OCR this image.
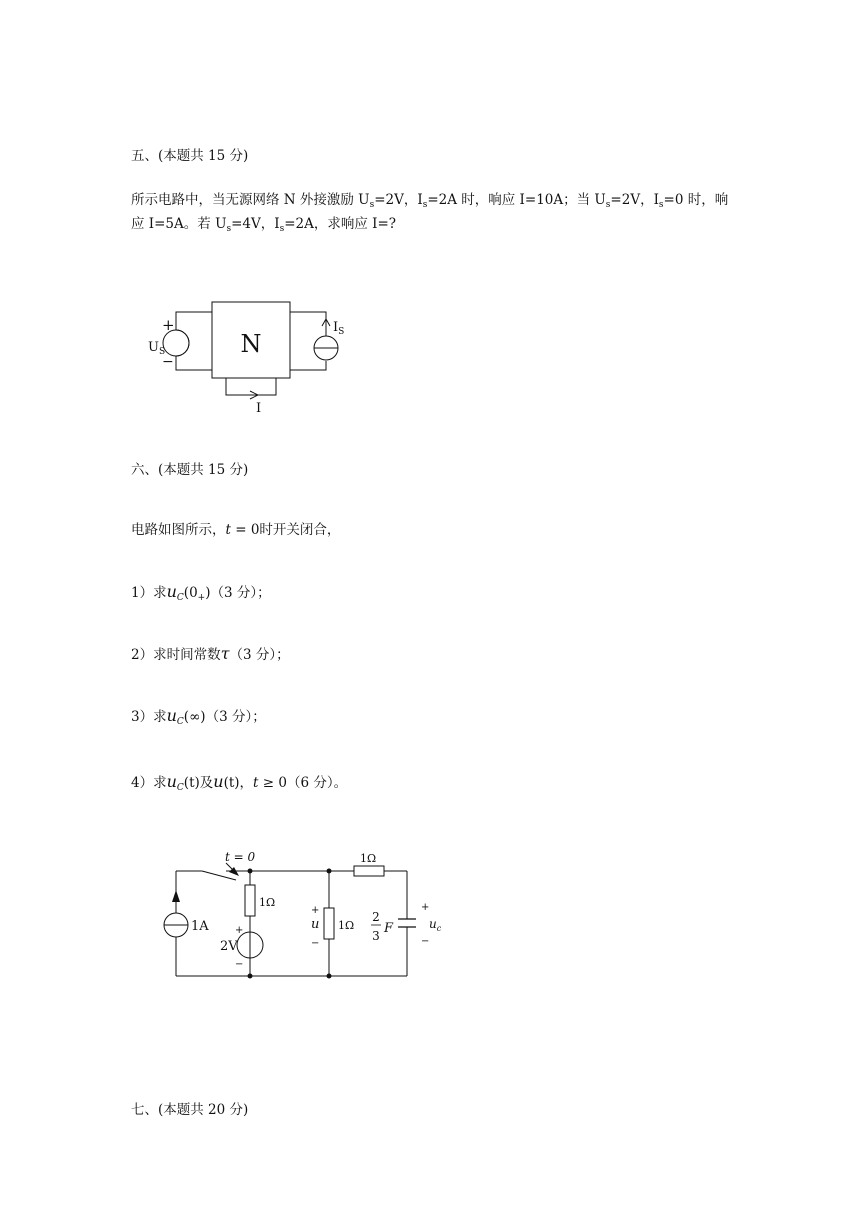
五、(本题共 15 分)
所示电路中，当无源网络 N 外接激励 $U_s=2V$，$I_s=2A$ 时，响应 I=10A；当 $U_s=2V$，$I_s=0$ 时，响
应 I=5A。若 $U_s=4V$，$I_s=2A$，求响应 I=?
N
+
−
$U_S$
$I_S$
I
六、(本题共 15 分)
电路如图所示，t = 0时开关闭合，
1）求$u_C(0_+)(3$ 分）；
2）求时间常数τ（3 分）；
3）求$u_C(\infty)(3$ 分）；
4）求$u_C(t)$及u(t)，t ≥ 0（6 分）。
1A
t = 0
1Ω
+
2V
−
1Ω
+
u
−
1Ω
2
3 F
+
$u_c$
−
七、(本题共 20 分)
